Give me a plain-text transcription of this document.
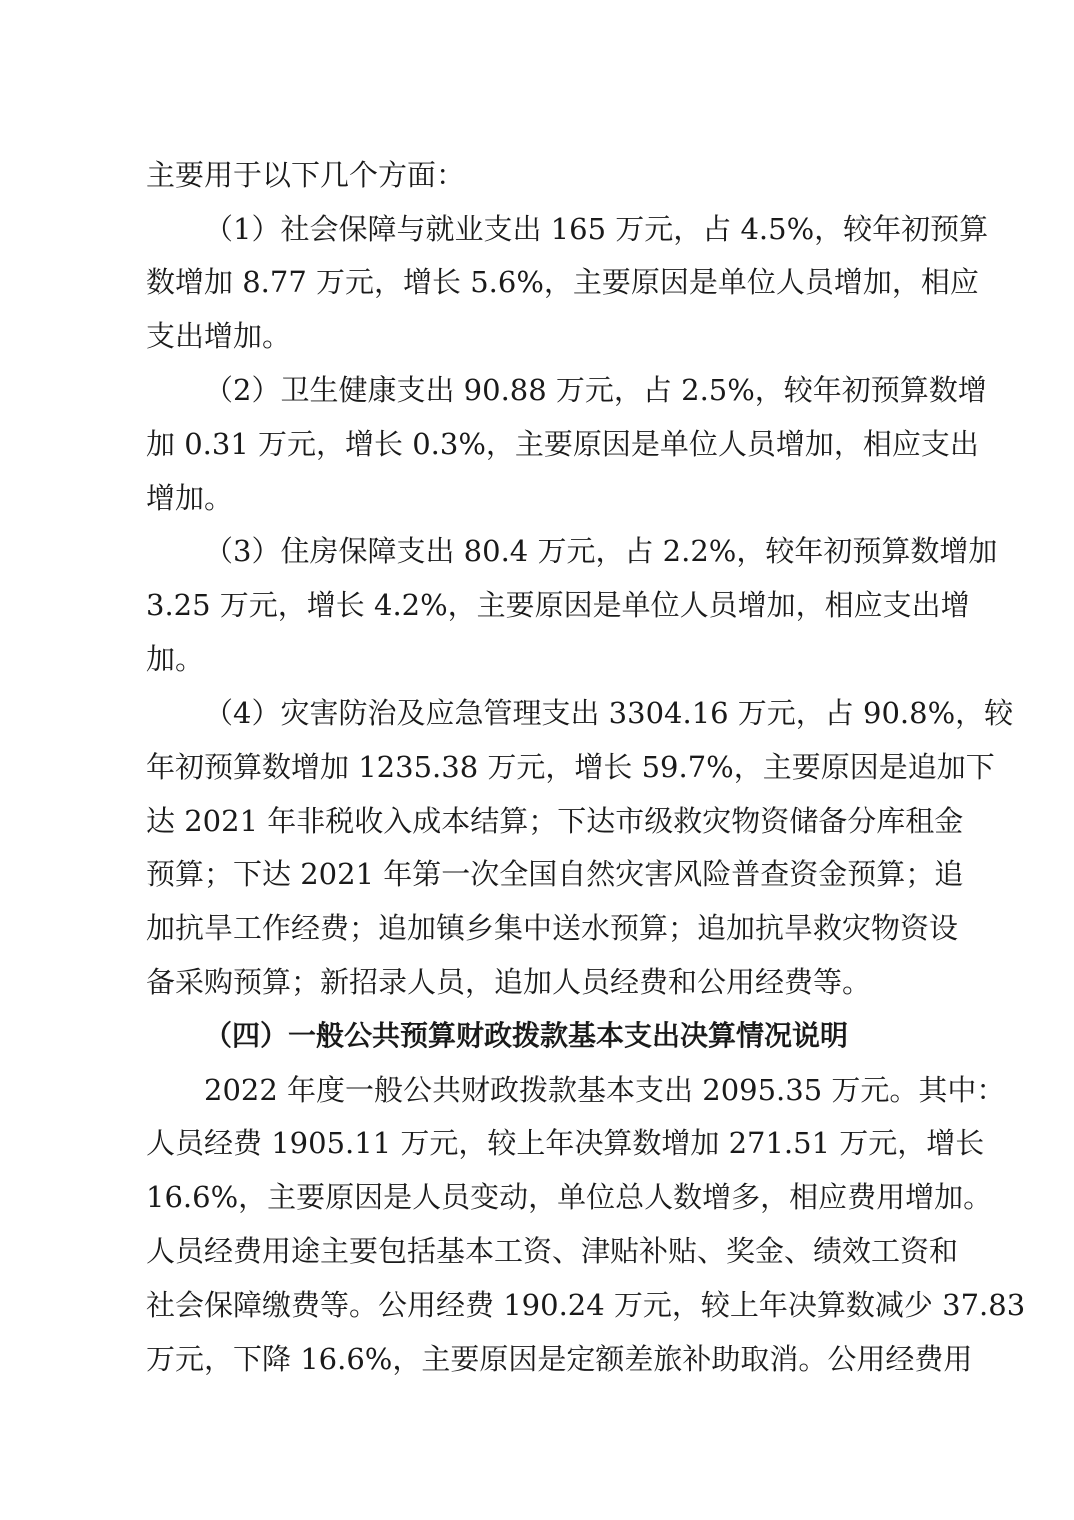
主要用于以下几个方面：
（1）社会保障与就业支出 165 万元，占 4.5%，较年初预算
数增加 8.77 万元，增长 5.6%，主要原因是单位人员增加，相应
支出增加。
（2）卫生健康支出 90.88 万元，占 2.5%，较年初预算数增
加 0.31 万元，增长 0.3%，主要原因是单位人员增加，相应支出
增加。
（3）住房保障支出 80.4 万元，占 2.2%，较年初预算数增加
3.25 万元，增长 4.2%，主要原因是单位人员增加，相应支出增
加。
（4）灾害防治及应急管理支出 3304.16 万元，占 90.8%，较
年初预算数增加 1235.38 万元，增长 59.7%，主要原因是追加下
达 2021 年非税收入成本结算；下达市级救灾物资储备分库租金
预算；下达 2021 年第一次全国自然灾害风险普查资金预算；追
加抗旱工作经费；追加镇乡集中送水预算；追加抗旱救灾物资设
备采购预算；新招录人员，追加人员经费和公用经费等。
（四）一般公共预算财政拨款基本支出决算情况说明
2022 年度一般公共财政拨款基本支出 2095.35 万元。其中：
人员经费 1905.11 万元，较上年决算数增加 271.51 万元，增长
16.6%，主要原因是人员变动，单位总人数增多，相应费用增加。
人员经费用途主要包括基本工资、津贴补贴、奖金、绩效工资和
社会保障缴费等。公用经费 190.24 万元，较上年决算数减少 37.83
万元，下降 16.6%，主要原因是定额差旅补助取消。公用经费用
